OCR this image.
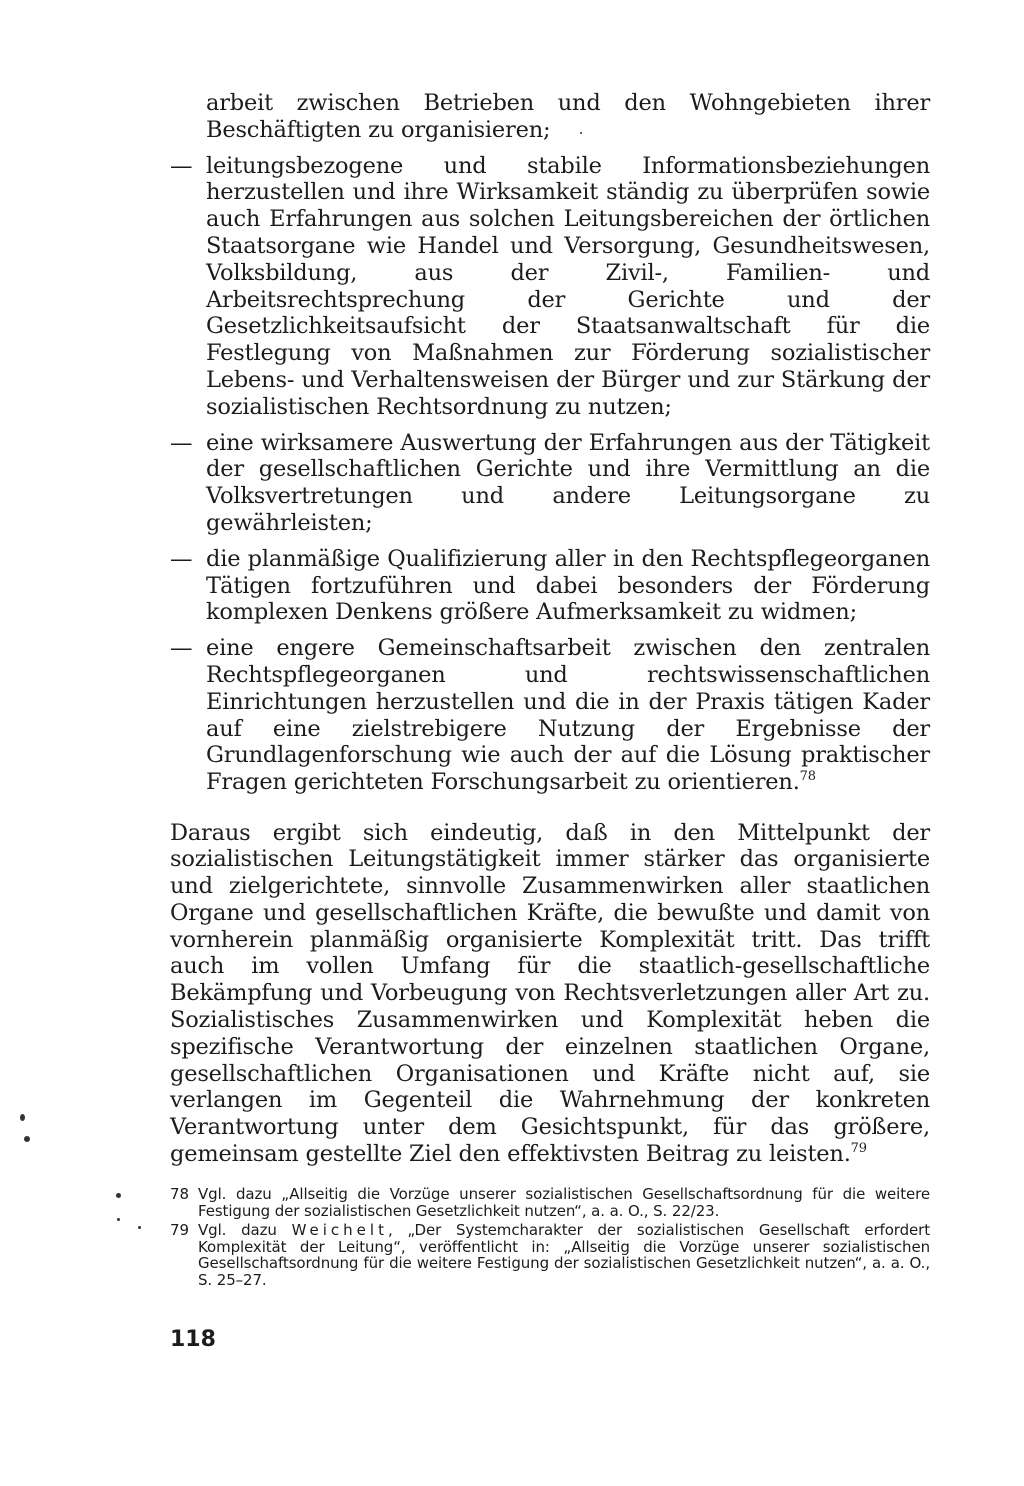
arbeit zwischen Betrieben und den Wohngebieten ihrer Beschäftigten zu organisieren;

— leitungsbezogene und stabile Informationsbeziehungen herzustellen und ihre Wirksamkeit ständig zu überprüfen sowie auch Erfahrungen aus solchen Leitungsbereichen der örtlichen Staatsorgane wie Handel und Versorgung, Gesundheitswesen, Volksbildung, aus der Zivil-, Familien- und Arbeitsrechtsprechung der Gerichte und der Gesetzlichkeitsaufsicht der Staatsanwaltschaft für die Festlegung von Maßnahmen zur Förderung sozialistischer Lebens- und Verhaltensweisen der Bürger und zur Stärkung der sozialistischen Rechtsordnung zu nutzen;
— eine wirksamere Auswertung der Erfahrungen aus der Tätigkeit der gesellschaftlichen Gerichte und ihre Vermittlung an die Volksvertretungen und andere Leitungsorgane zu gewährleisten;
— die planmäßige Qualifizierung aller in den Rechtspflegeorganen Tätigen fortzuführen und dabei besonders der Förderung komplexen Denkens größere Aufmerksamkeit zu widmen;
— eine engere Gemeinschaftsarbeit zwischen den zentralen Rechtspflegeorganen und rechtswissenschaftlichen Einrichtungen herzustellen und die in der Praxis tätigen Kader auf eine zielstrebigere Nutzung der Ergebnisse der Grundlagenforschung wie auch der auf die Lösung praktischer Fragen gerichteten Forschungsarbeit zu orientieren.$^{78}$

Daraus ergibt sich eindeutig, daß in den Mittelpunkt der sozialistischen Leitungstätigkeit immer stärker das organisierte und zielgerichtete, sinnvolle Zusammenwirken aller staatlichen Organe und gesellschaftlichen Kräfte, die bewußte und damit von vornherein planmäßig organisierte Komplexität tritt. Das trifft auch im vollen Umfang für die staatlich-gesellschaftliche Bekämpfung und Vorbeugung von Rechtsverletzungen aller Art zu. Sozialistisches Zusammenwirken und Komplexität heben die spezifische Verantwortung der einzelnen staatlichen Organe, gesellschaftlichen Organisationen und Kräfte nicht auf, sie verlangen im Gegenteil die Wahrnehmung der konkreten Verantwortung unter dem Gesichtspunkt, für das größere, gemeinsam gestellte Ziel den effektivsten Beitrag zu leisten.$^{79}$

78 Vgl. dazu „Allseitig die Vorzüge unserer sozialistischen Gesellschaftsordnung für die weitere Festigung der sozialistischen Gesetzlichkeit nutzen“, a. a. O., S. 22/23.
79 Vgl. dazu Weichelt, „Der Systemcharakter der sozialistischen Gesellschaft erfordert Komplexität der Leitung“, veröffentlicht in: „Allseitig die Vorzüge unserer sozialistischen Gesellschaftsordnung für die weitere Festigung der sozialistischen Gesetzlichkeit nutzen“, a. a. O., S. 25–27.
118
